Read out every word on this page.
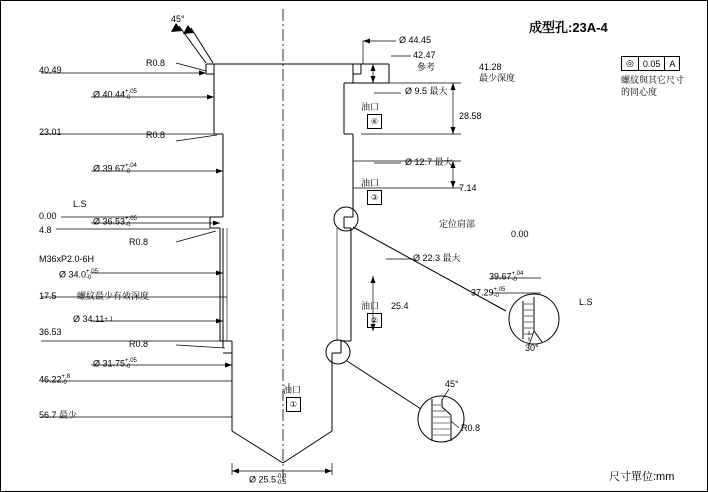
成型孔:23A-4
◎	0.05	A
螺紋與其它尺寸
的同心度
45°
R0.8
Ø 44.45
42.47
參考	41.28
最少深度
40.49
Ø 40.44 +.05
-0
Ø 9.5 最大
油口
④
28.58
23.01	R0.8
Ø 39.67 +.04
-0
Ø 12.7 最大
油口
③
7.14
L.S
0.00
Ø 36.53 +.05
-0
4.8
R0.8
定位肩部
0.00
M36xP2.0-6H
Ø 34.0 +.05
-0
17.5 螺紋最少有效深度
Ø 34.11 +.1
Ø 22.3 最大
油口
②
25.4
39.67 +.04
-0
37.29 +.05
-0
L.S
30°
36.53
R0.8
Ø 31.75 +.05
-0
46.22 +.8
-0
56.7 最少
油口
①
45°
R0.8
Ø 25.5 -0.0
-0.5	尺寸單位:mm
